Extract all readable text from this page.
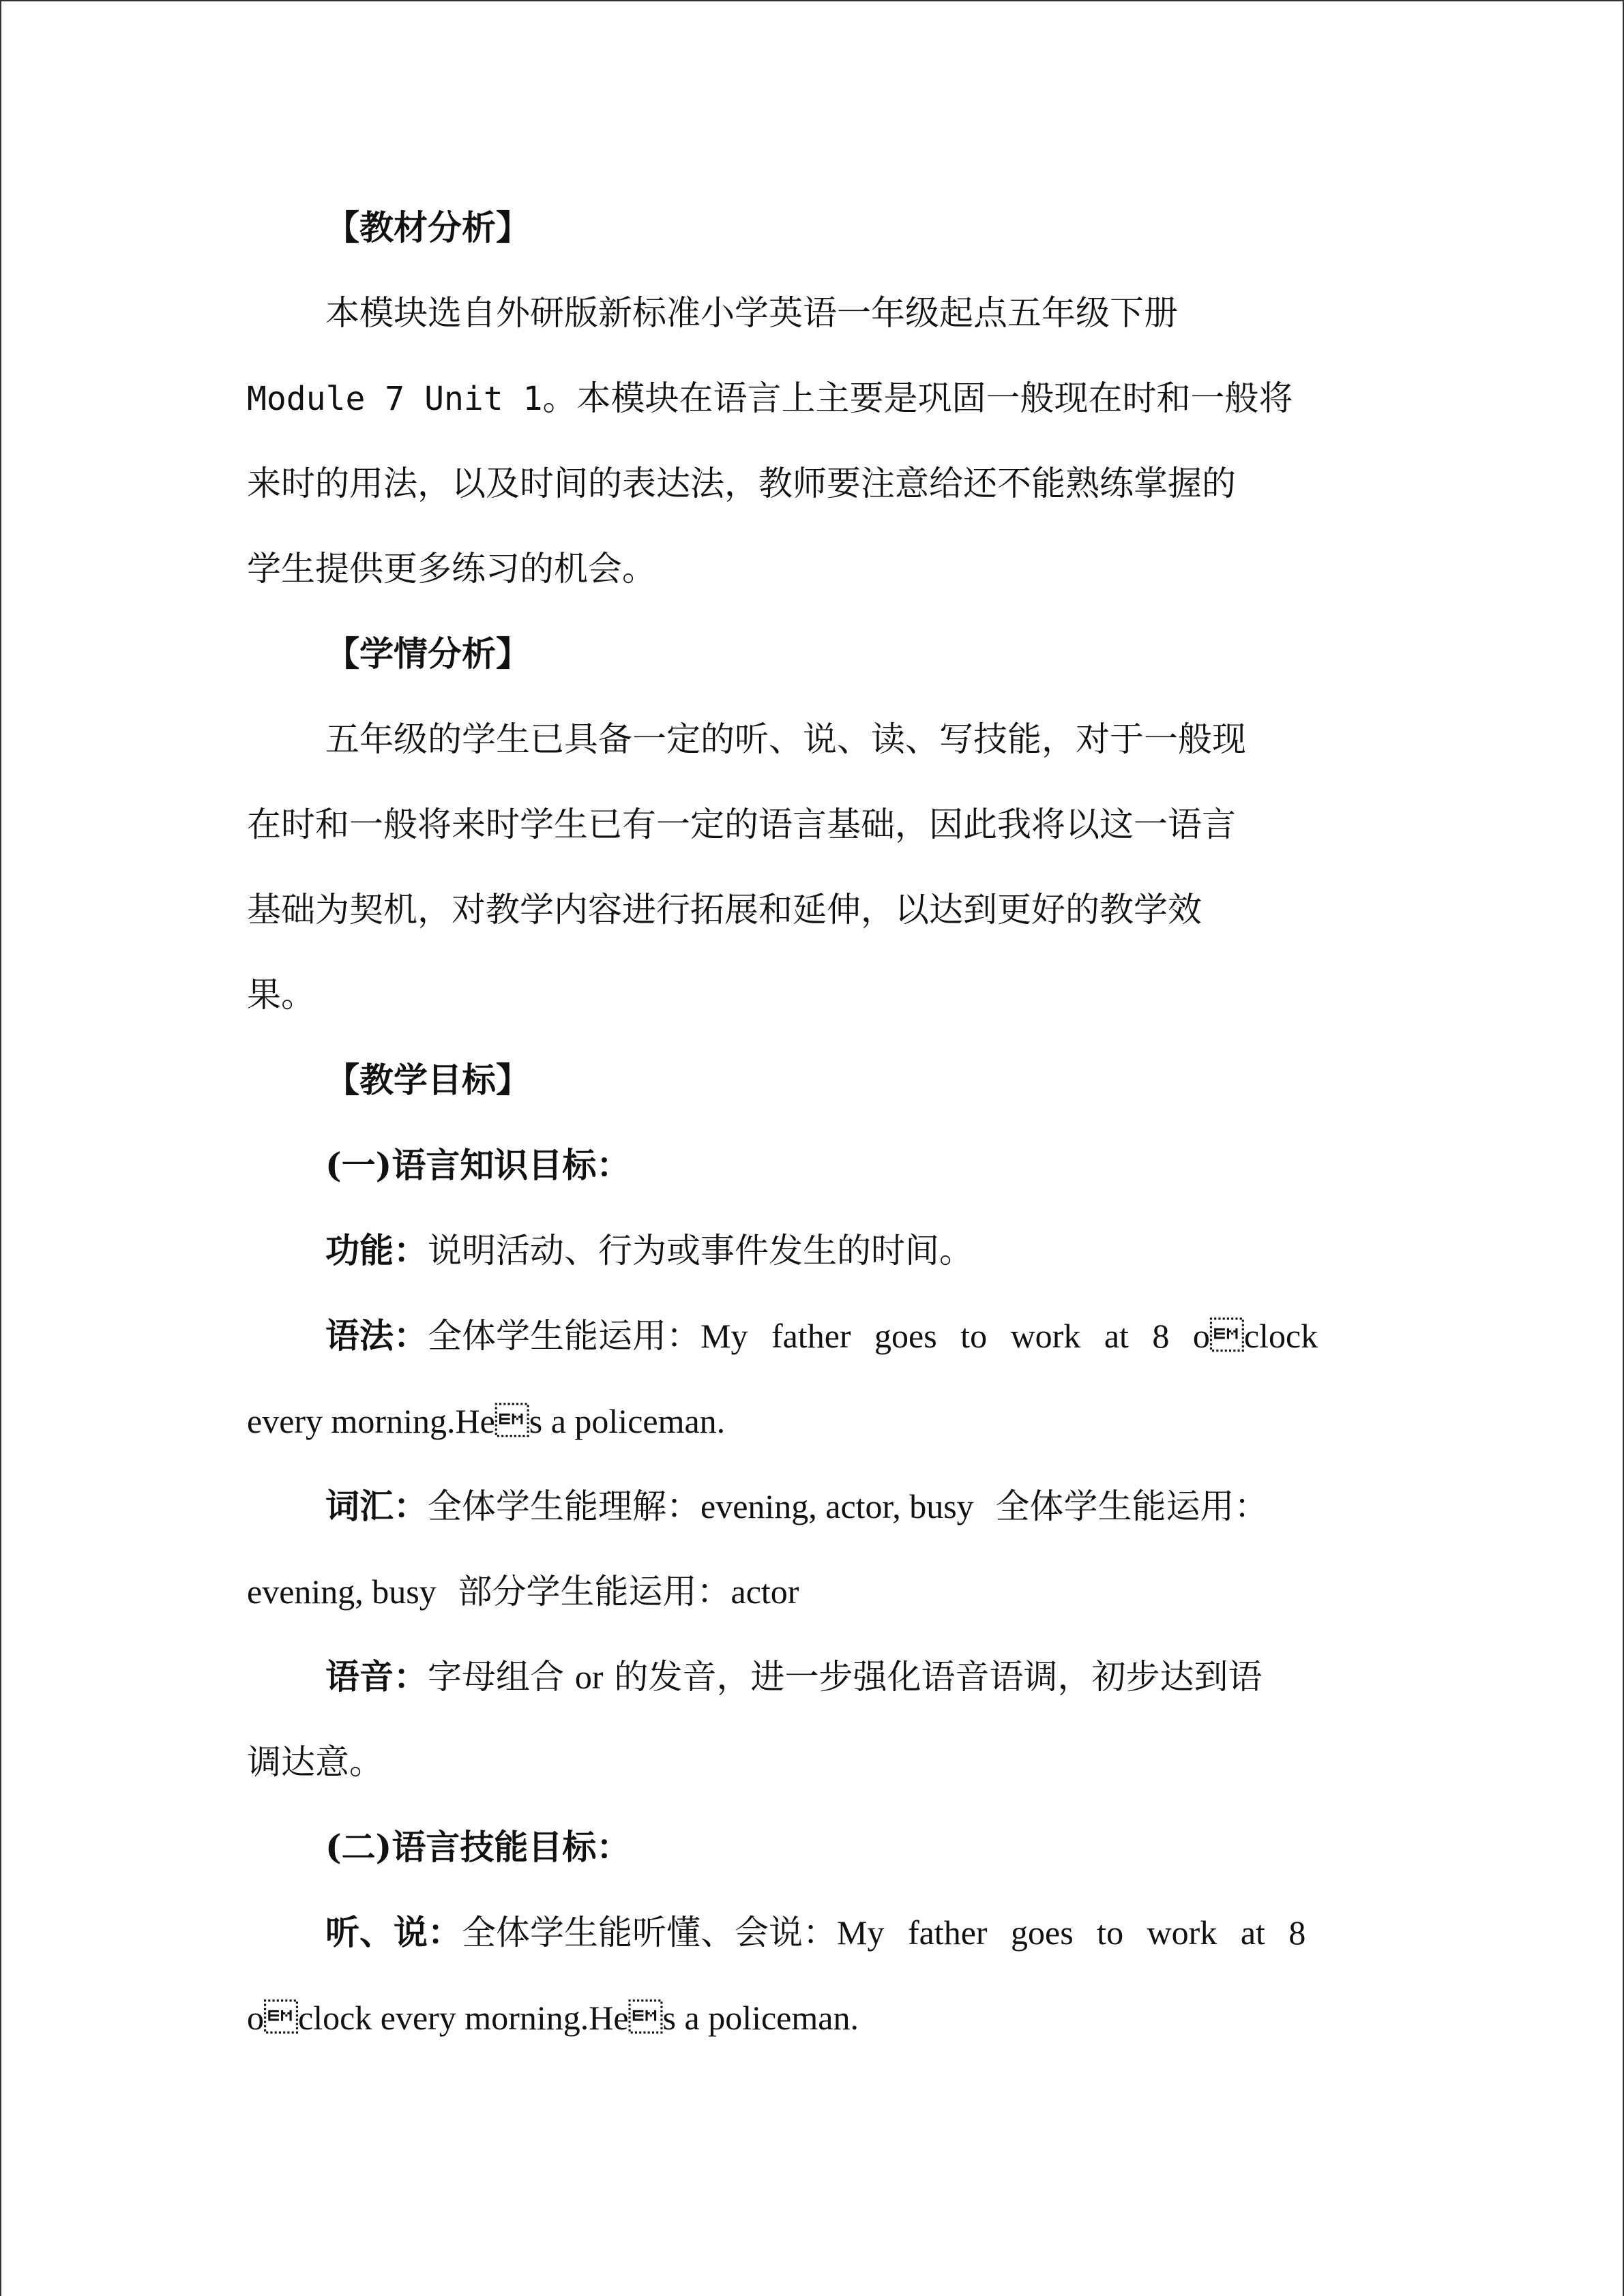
【教材分析】
本模块选自外研版新标准小学英语一年级起点五年级下册
Module 7 Unit 1。本模块在语言上主要是巩固一般现在时和一般将
来时的用法，以及时间的表达法，教师要注意给还不能熟练掌握的
学生提供更多练习的机会。
【学情分析】
五年级的学生已具备一定的听、说、读、写技能，对于一般现
在时和一般将来时学生已有一定的语言基础，因此我将以这一语言
基础为契机，对教学内容进行拓展和延伸，以达到更好的教学效
果。
【教学目标】
(一)语言知识目标：
功能：说明活动、行为或事件发生的时间。
语法：全体学生能运用：My father goes to work at 8 oclock
every morning.Hes a policeman.
词汇：全体学生能理解：evening, actor, busy 全体学生能运用：
evening, busy 部分学生能运用：actor
语音：字母组合 or 的发音，进一步强化语音语调，初步达到语
调达意。
(二)语言技能目标：
听、说：全体学生能听懂、会说：My father goes to work at 8
oclock every morning.Hes a policeman.
